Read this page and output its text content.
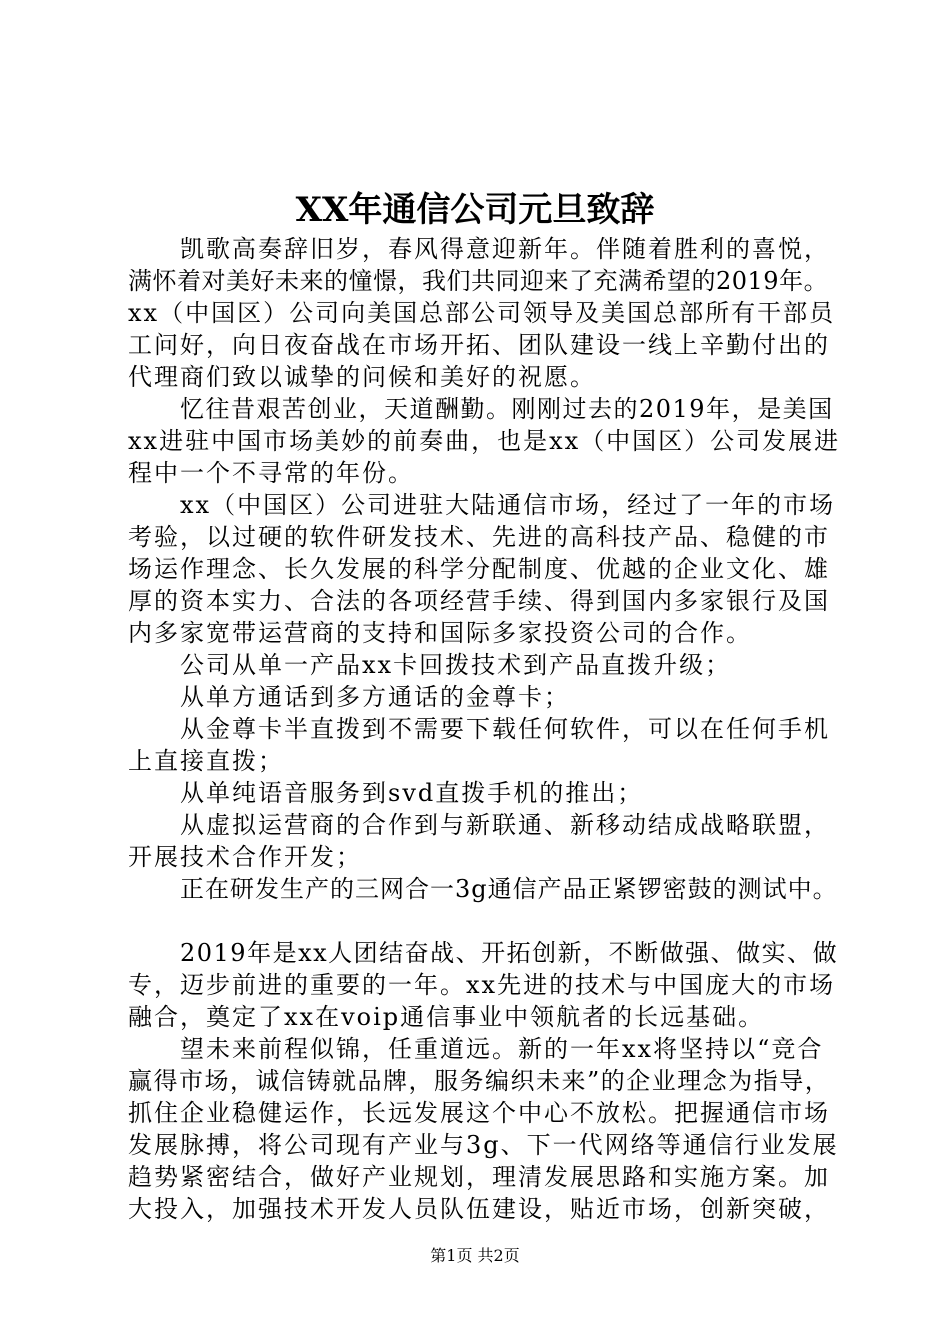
XX年通信公司元旦致辞

凯歌高奏辞旧岁，春风得意迎新年。伴随着胜利的喜悦，
满怀着对美好未来的憧憬，我们共同迎来了充满希望的2019年。
xx（中国区）公司向美国总部公司领导及美国总部所有干部员
工问好，向日夜奋战在市场开拓、团队建设一线上辛勤付出的
代理商们致以诚挚的问候和美好的祝愿。

忆往昔艰苦创业，天道酬勤。刚刚过去的2019年，是美国
xx进驻中国市场美妙的前奏曲，也是xx（中国区）公司发展进
程中一个不寻常的年份。

xx（中国区）公司进驻大陆通信市场，经过了一年的市场
考验，以过硬的软件研发技术、先进的高科技产品、稳健的市
场运作理念、长久发展的科学分配制度、优越的企业文化、雄
厚的资本实力、合法的各项经营手续、得到国内多家银行及国
内多家宽带运营商的支持和国际多家投资公司的合作。

公司从单一产品xx卡回拨技术到产品直拨升级；

从单方通话到多方通话的金尊卡；

从金尊卡半直拨到不需要下载任何软件，可以在任何手机
上直接直拨；

从单纯语音服务到svd直拨手机的推出；

从虚拟运营商的合作到与新联通、新移动结成战略联盟，
开展技术合作开发；

正在研发生产的三网合一3g通信产品正紧锣密鼓的测试中。

2019年是xx人团结奋战、开拓创新，不断做强、做实、做
专，迈步前进的重要的一年。xx先进的技术与中国庞大的市场
融合，奠定了xx在voip通信事业中领航者的长远基础。

望未来前程似锦，任重道远。新的一年xx将坚持以“竞合
赢得市场，诚信铸就品牌，服务编织未来”的企业理念为指导，
抓住企业稳健运作，长远发展这个中心不放松。把握通信市场
发展脉搏，将公司现有产业与3g、下一代网络等通信行业发展
趋势紧密结合，做好产业规划，理清发展思路和实施方案。加
大投入，加强技术开发人员队伍建设，贴近市场，创新突破，

第1页 共2页
